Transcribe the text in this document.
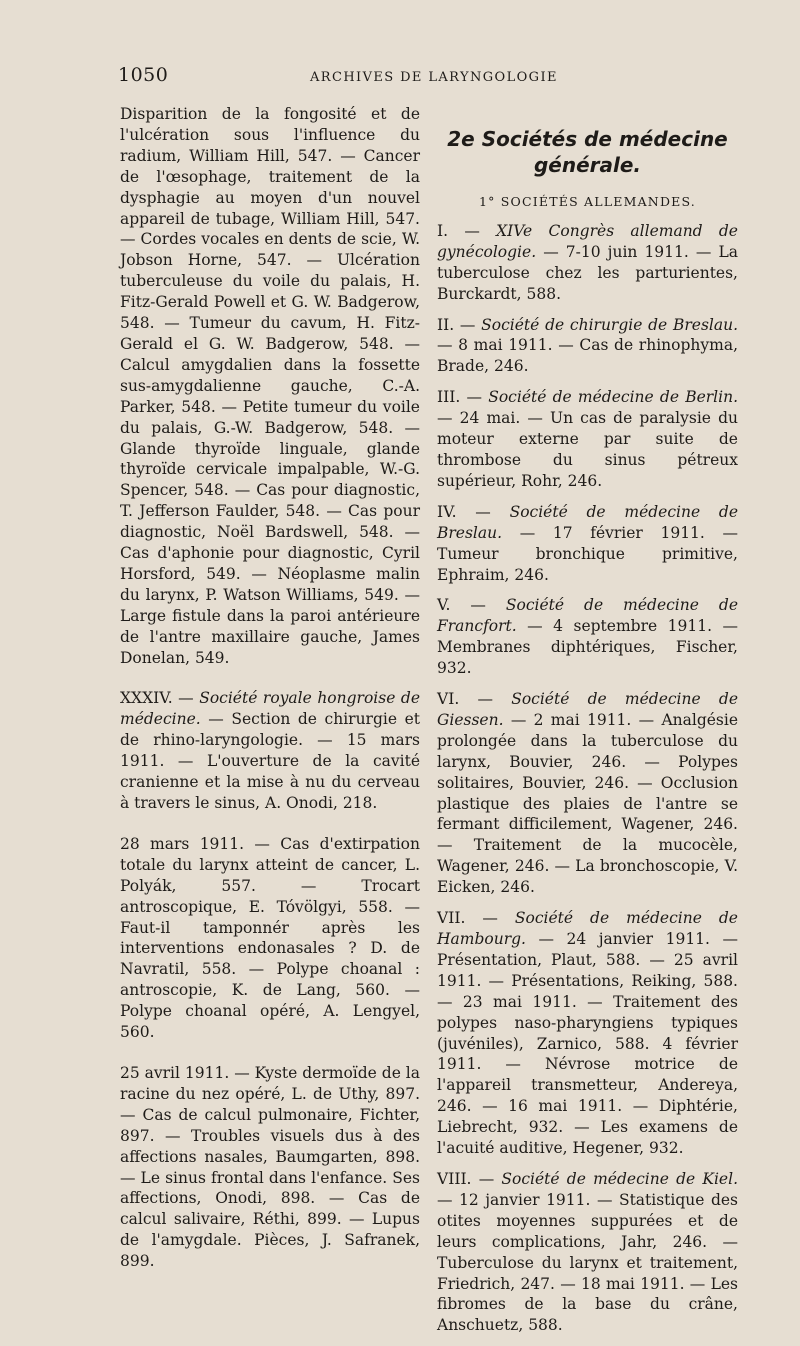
1050	ARCHIVES DE LARYNGOLOGIE

Disparition de la fongosité et de l'ulcération sous l'influence du radium, William Hill, 547. — Cancer de l'œsophage, traitement de la dysphagie au moyen d'un nouvel appareil de tubage, William Hill, 547. — Cordes vocales en dents de scie, W. Jobson Horne, 547. — Ulcération tuberculeuse du voile du palais, H. Fitz-Gerald Powell et G. W. Badgerow, 548. — Tumeur du cavum, H. Fitz-Gerald el G. W. Badgerow, 548. — Calcul amygdalien dans la fossette sus-amygdalienne gauche, C.-A. Parker, 548. — Petite tumeur du voile du palais, G.-W. Badgerow, 548. — Glande thyroïde linguale, glande thyroïde cervicale impalpable, W.-G. Spencer, 548. — Cas pour diagnostic, T. Jefferson Faulder, 548. — Cas pour diagnostic, Noël Bardswell, 548. — Cas d'aphonie pour diagnostic, Cyril Horsford, 549. — Néoplasme malin du larynx, P. Watson Williams, 549. — Large fistule dans la paroi antérieure de l'antre maxillaire gauche, James Donelan, 549.

XXXIV. — Société royale hongroise de médecine. — Section de chirurgie et de rhino-laryngologie. — 15 mars 1911. — L'ouverture de la cavité cranienne et la mise à nu du cerveau à travers le sinus, A. Onodi, 218.

28 mars 1911. — Cas d'extirpation totale du larynx atteint de cancer, L. Polyák, 557. — Trocart antroscopique, E. Tóvölgyi, 558. — Faut-il tamponnér après les interventions endonasales ? D. de Navratil, 558. — Polype choanal : antroscopie, K. de Lang, 560. — Polype choanal opéré, A. Lengyel, 560.

25 avril 1911. — Kyste dermoïde de la racine du nez opéré, L. de Uthy, 897. — Cas de calcul pulmonaire, Fichter, 897. — Troubles visuels dus à des affections nasales, Baumgarten, 898. — Le sinus frontal dans l'enfance. Ses affections, Onodi, 898. — Cas de calcul salivaire, Réthi, 899. — Lupus de l'amygdale. Pièces, J. Safranek, 899.

2e Sociétés de médecine
générale.
1° SOCIÉTÉS ALLEMANDES.

I. — XIVe Congrès allemand de gynécologie. — 7-10 juin 1911. — La tuberculose chez les parturientes, Burckardt, 588.

II. — Société de chirurgie de Breslau. — 8 mai 1911. — Cas de rhinophyma, Brade, 246.

III. — Société de médecine de Berlin. — 24 mai. — Un cas de paralysie du moteur externe par suite de thrombose du sinus pétreux supérieur, Rohr, 246.

IV. — Société de médecine de Breslau. — 17 février 1911. — Tumeur bronchique primitive, Ephraim, 246.

V. — Société de médecine de Francfort. — 4 septembre 1911. — Membranes diphtériques, Fischer, 932.

VI. — Société de médecine de Giessen. — 2 mai 1911. — Analgésie prolongée dans la tuberculose du larynx, Bouvier, 246. — Polypes solitaires, Bouvier, 246. — Occlusion plastique des plaies de l'antre se fermant difficilement, Wagener, 246. — Traitement de la mucocèle, Wagener, 246. — La bronchoscopie, V. Eicken, 246.

VII. — Société de médecine de Hambourg. — 24 janvier 1911. — Présentation, Plaut, 588. — 25 avril 1911. — Présentations, Reiking, 588. — 23 mai 1911. — Traitement des polypes naso-pharyngiens typiques (juvéniles), Zarnico, 588. 4 février 1911. — Névrose motrice de l'appareil transmetteur, Andereya, 246. — 16 mai 1911. — Diphtérie, Liebrecht, 932. — Les examens de l'acuité auditive, Hegener, 932.

VIII. — Société de médecine de Kiel. — 12 janvier 1911. — Statistique des otites moyennes suppurées et de leurs complications, Jahr, 246. — Tuberculose du larynx et traitement, Friedrich, 247. — 18 mai 1911. — Les fibromes de la base du crâne, Anschuetz, 588.
